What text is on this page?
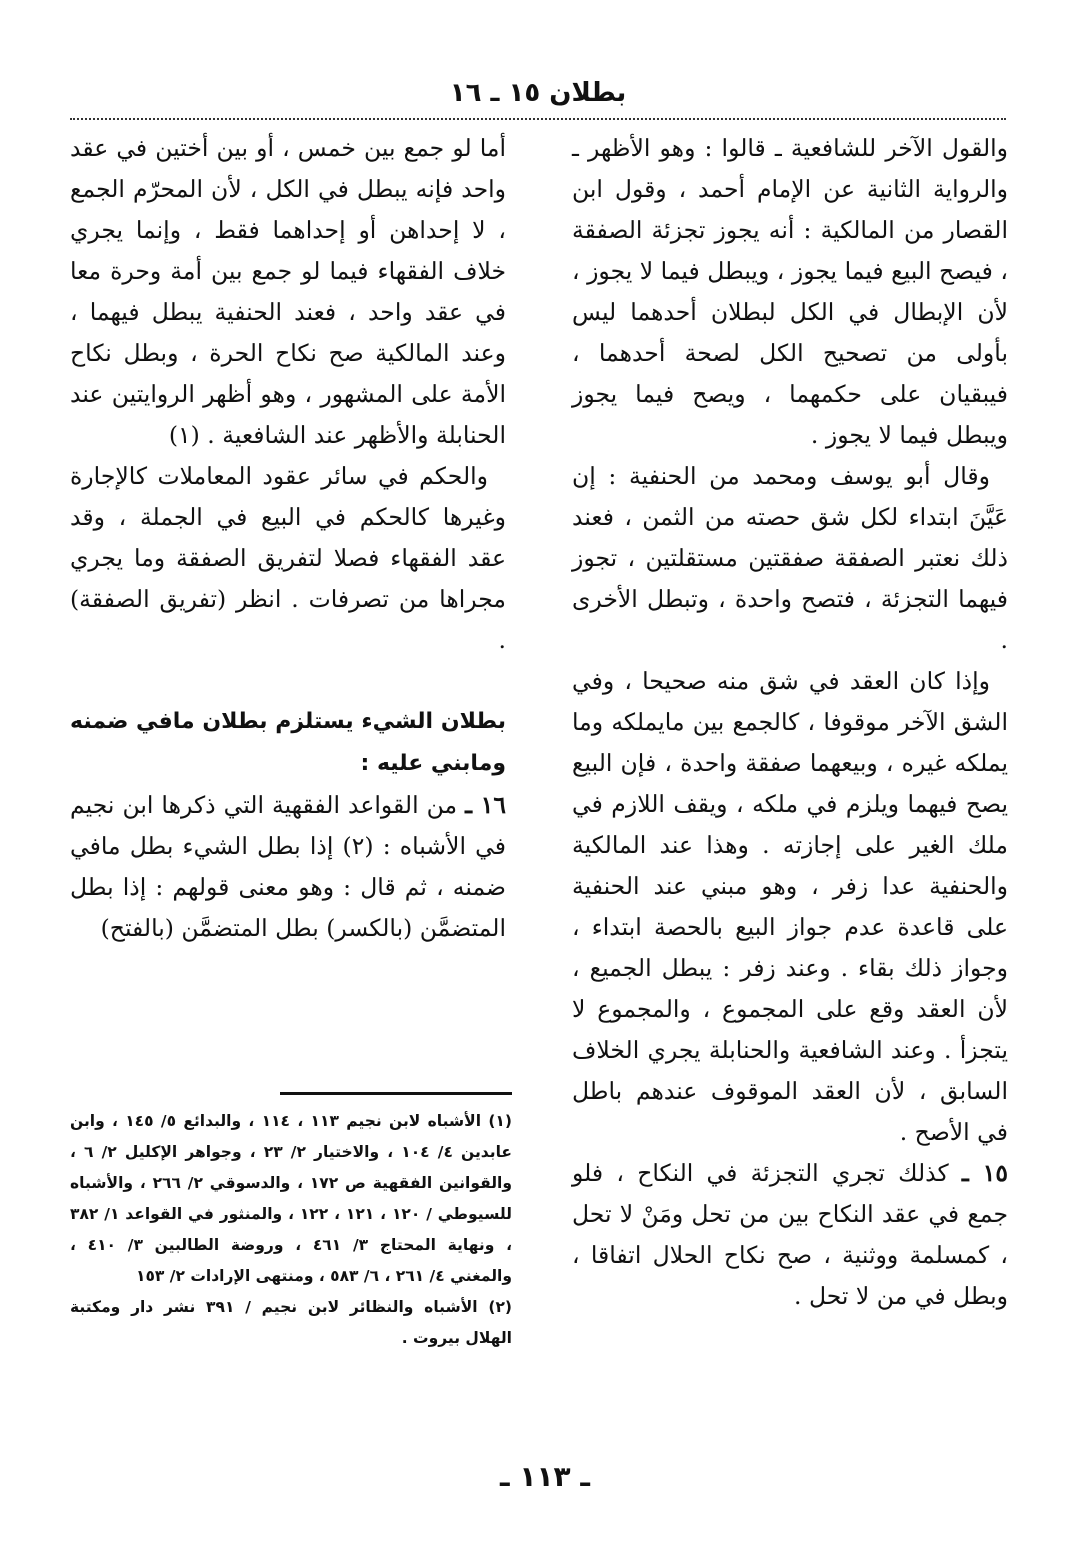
بطلان ١٥ ـ ١٦

والقول الآخر للشافعية ـ قالوا : وهو الأظهر ـ والرواية الثانية عن الإمام أحمد ، وقول ابن القصار من المالكية : أنه يجوز تجزئة الصفقة ، فيصح البيع فيما يجوز ، ويبطل فيما لا يجوز ، لأن الإبطال في الكل لبطلان أحدهما ليس بأولى من تصحيح الكل لصحة أحدهما ، فيبقيان على حكمهما ، ويصح فيما يجوز ويبطل فيما لا يجوز .

وقال أبو يوسف ومحمد من الحنفية : إن عَيَّنَ ابتداء لكل شق حصته من الثمن ، فعند ذلك نعتبر الصفقة صفقتين مستقلتين ، تجوز فيهما التجزئة ، فتصح واحدة ، وتبطل الأخرى .

وإذا كان العقد في شق منه صحيحا ، وفي الشق الآخر موقوفا ، كالجمع بين مايملكه وما يملكه غيره ، وبيعهما صفقة واحدة ، فإن البيع يصح فيهما ويلزم في ملكه ، ويقف اللازم في ملك الغير على إجازته . وهذا عند المالكية والحنفية عدا زفر ، وهو مبني عند الحنفية على قاعدة عدم جواز البيع بالحصة ابتداء ، وجواز ذلك بقاء . وعند زفر : يبطل الجميع ، لأن العقد وقع على المجموع ، والمجموع لا يتجزأ . وعند الشافعية والحنابلة يجري الخلاف السابق ، لأن العقد الموقوف عندهم باطل في الأصح .

١٥ ـ كذلك تجري التجزئة في النكاح ، فلو جمع في عقد النكاح بين من تحل ومَنْ لا تحل ، كمسلمة ووثنية ، صح نكاح الحلال اتفاقا ، وبطل في من لا تحل .

أما لو جمع بين خمس ، أو بين أختين في عقد واحد فإنه يبطل في الكل ، لأن المحرّم الجمع ، لا إحداهن أو إحداهما فقط ، وإنما يجري خلاف الفقهاء فيما لو جمع بين أمة وحرة معا في عقد واحد ، فعند الحنفية يبطل فيهما ، وعند المالكية صح نكاح الحرة ، وبطل نكاح الأمة على المشهور ، وهو أظهر الروايتين عند الحنابلة والأظهر عند الشافعية . (١)

والحكم في سائر عقود المعاملات كالإجارة وغيرها كالحكم في البيع في الجملة ، وقد عقد الفقهاء فصلا لتفريق الصفقة وما يجري مجراها من تصرفات . انظر (تفريق الصفقة) .

بطلان الشيء يستلزم بطلان مافي ضمنه ومابني عليه :

١٦ ـ من القواعد الفقهية التي ذكرها ابن نجيم في الأشباه : (٢) إذا بطل الشيء بطل مافي ضمنه ، ثم قال : وهو معنى قولهم : إذا بطل المتضمَّن (بالكسر) بطل المتضمَّن (بالفتح)

(١) الأشباه لابن نجيم ١١٣ ، ١١٤ ، والبدائع ٥/ ١٤٥ ، وابن عابدين ٤/ ١٠٤ ، والاختيار ٢/ ٢٣ ، وجواهر الإكليل ٢/ ٦ ، والقوانين الفقهية ص ١٧٢ ، والدسوقي ٢/ ٢٦٦ ، والأشباه للسيوطي / ١٢٠ ، ١٢١ ، ١٢٢ ، والمنثور في القواعد ١/ ٣٨٢ ، ونهاية المحتاج ٣/ ٤٦١ ، وروضة الطالبين ٣/ ٤١٠ ، والمغني ٤/ ٢٦١ ، ٦/ ٥٨٣ ، ومنتهى الإرادات ٢/ ١٥٣

(٢) الأشباه والنظائر لابن نجيم / ٣٩١ نشر دار ومكتبة الهلال بيروت .

ـ ١١٣ ـ
